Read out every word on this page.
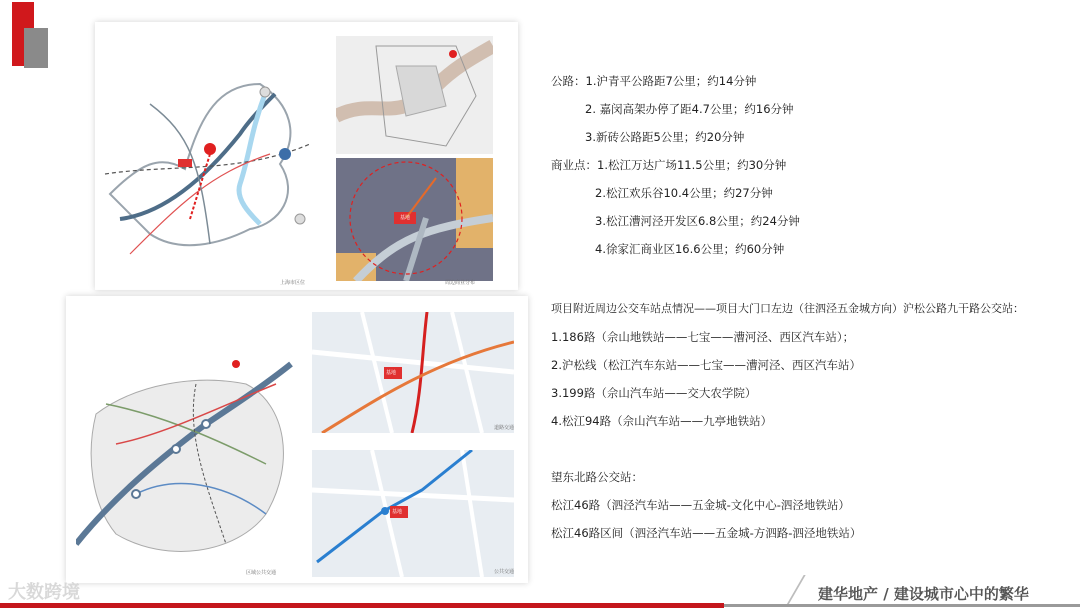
上海市区位
基地
周边商业分布
区域公共交通
基地
道路交通
基地
公共交通
公路：1.沪青平公路距7公里；约14分钟
2. 嘉闵高架办停了距4.7公里；约16分钟
3.新砖公路距5公里；约20分钟
商业点：1.松江万达广场11.5公里；约30分钟
2.松江欢乐谷10.4公里；约27分钟
3.松江漕河泾开发区6.8公里；约24分钟
4.徐家汇商业区16.6公里；约60分钟
项目附近周边公交车站点情况——项目大门口左边（往泗泾五金城方向）沪松公路九干路公交站：
1.186路（佘山地铁站——七宝——漕河泾、西区汽车站）；
2.沪松线（松江汽车东站——七宝——漕河泾、西区汽车站）
3.199路（佘山汽车站——交大农学院）
4.松江94路（佘山汽车站——九亭地铁站）
望东北路公交站：
松江46路（泗泾汽车站——五金城-文化中心-泗泾地铁站）
松江46路区间（泗泾汽车站——五金城-方泗路-泗泾地铁站）
大数跨境	建华地产 / 建设城市心中的繁华
